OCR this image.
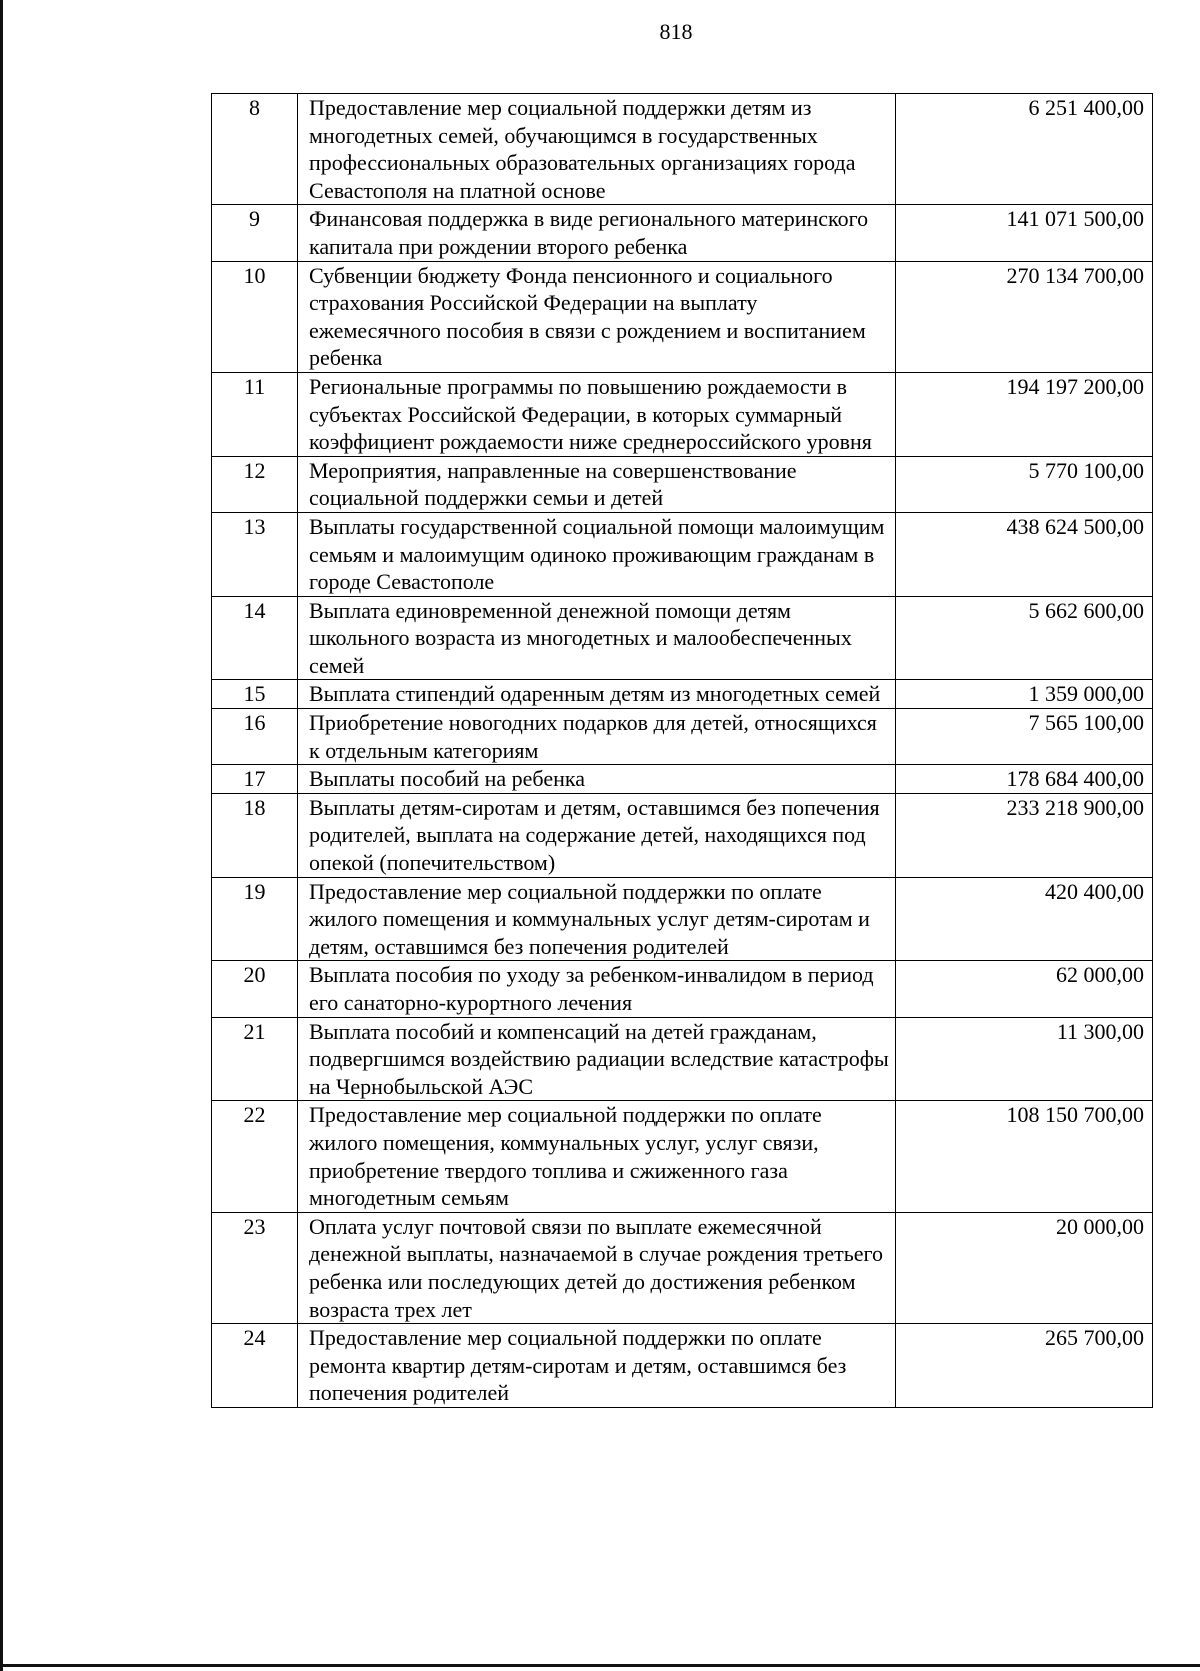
818
8	Предоставление мер социальной поддержки детям из многодетных семей, обучающимся в государственных профессиональных образовательных организациях города Севастополя на платной основе	6 251 400,00
9	Финансовая поддержка в виде регионального материнского капитала при рождении второго ребенка	141 071 500,00
10	Субвенции бюджету Фонда пенсионного и социального страхования Российской Федерации на выплату ежемесячного пособия в связи с рождением и воспитанием ребенка	270 134 700,00
11	Региональные программы по повышению рождаемости в субъектах Российской Федерации, в которых суммарный коэффициент рождаемости ниже среднероссийского уровня	194 197 200,00
12	Мероприятия, направленные на совершенствование социальной поддержки семьи и детей	5 770 100,00
13	Выплаты государственной социальной помощи малоимущим семьям и малоимущим одиноко проживающим гражданам в городе Севастополе	438 624 500,00
14	Выплата единовременной денежной помощи детям школьного возраста из многодетных и малообеспеченных семей	5 662 600,00
15	Выплата стипендий одаренным детям из многодетных семей	1 359 000,00
16	Приобретение новогодних подарков для детей, относящихся к отдельным категориям	7 565 100,00
17	Выплаты пособий на ребенка	178 684 400,00
18	Выплаты детям-сиротам и детям, оставшимся без попечения родителей, выплата на содержание детей, находящихся под опекой (попечительством)	233 218 900,00
19	Предоставление мер социальной поддержки по оплате жилого помещения и коммунальных услуг детям-сиротам и детям, оставшимся без попечения родителей	420 400,00
20	Выплата пособия по уходу за ребенком-инвалидом в период его санаторно-курортного лечения	62 000,00
21	Выплата пособий и компенсаций на детей гражданам, подвергшимся воздействию радиации вследствие катастрофы на Чернобыльской АЭС	11 300,00
22	Предоставление мер социальной поддержки по оплате жилого помещения, коммунальных услуг, услуг связи, приобретение твердого топлива и сжиженного газа многодетным семьям	108 150 700,00
23	Оплата услуг почтовой связи по выплате ежемесячной денежной выплаты, назначаемой в случае рождения третьего ребенка или последующих детей до достижения ребенком возраста трех лет	20 000,00
24	Предоставление мер социальной поддержки по оплате ремонта квартир детям-сиротам и детям, оставшимся без попечения родителей	265 700,00
